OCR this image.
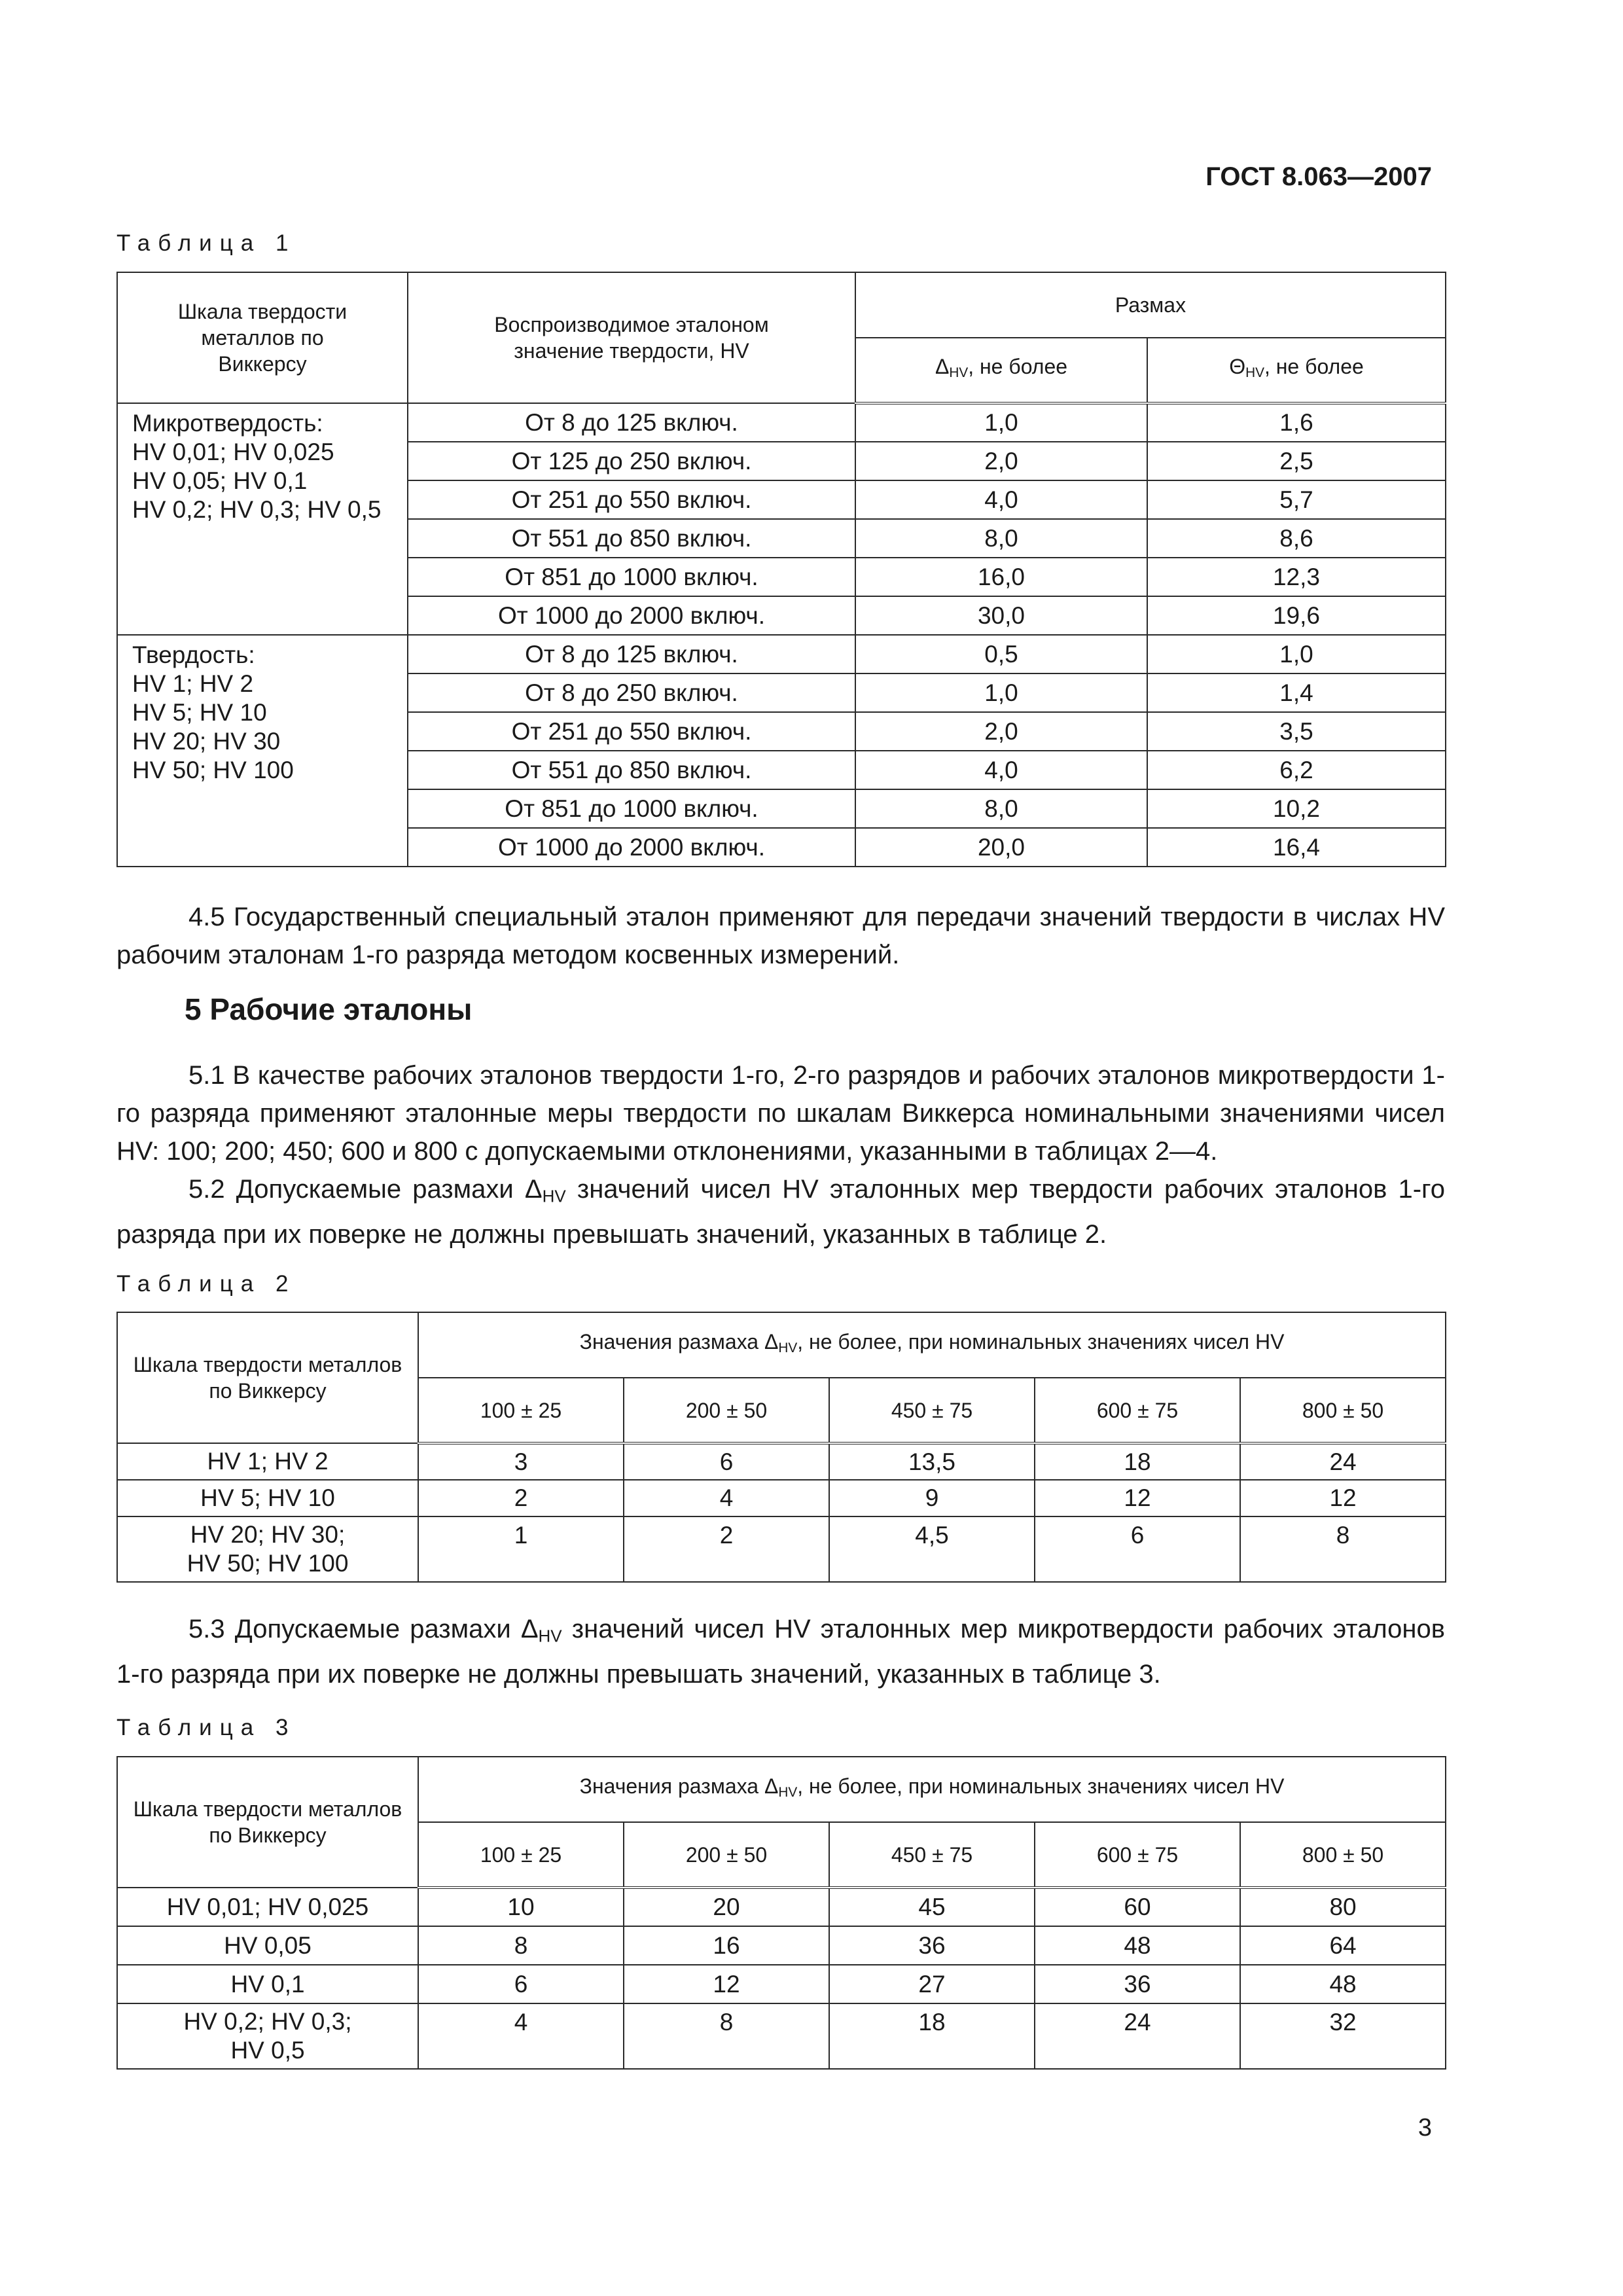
ГОСТ 8.063—2007
Таблица 1
Шкала твердости металлов по Виккерсу	Воспроизводимое эталоном значение твердости, HV	Размах	
		$\Delta_{HV}$, не более	$\Theta_{HV}$, не более
Микротвердость:
HV 0,01; HV 0,025
HV 0,05; HV 0,1
HV 0,2; HV 0,3; HV 0,5	От 8 до 125 включ.	1,0	1,6
	От 125 до 250 включ.	2,0	2,5
	От 251 до 550 включ.	4,0	5,7
	От 551 до 850 включ.	8,0	8,6
	От 851 до 1000 включ.	16,0	12,3
	От 1000 до 2000 включ.	30,0	19,6
Твердость:
HV 1; HV 2
HV 5; HV 10
HV 20; HV 30
HV 50; HV 100	От 8 до 125 включ.	0,5	1,0
	От 8 до 250 включ.	1,0	1,4
	От 251 до 550 включ.	2,0	3,5
	От 551 до 850 включ.	4,0	6,2
	От 851 до 1000 включ.	8,0	10,2
	От 1000 до 2000 включ.	20,0	16,4

4.5 Государственный специальный эталон применяют для передачи значений твердости в числах HV рабочим эталонам 1-го разряда методом косвенных измерений.

5 Рабочие эталоны

5.1 В качестве рабочих эталонов твердости 1-го, 2-го разрядов и рабочих эталонов микротвердости 1-го разряда применяют эталонные меры твердости по шкалам Виккерса номинальными значениями чисел HV: 100; 200; 450; 600 и 800 с допускаемыми отклонениями, указанными в таблицах 2—4.

5.2 Допускаемые размахи $\Delta_{HV}$ значений чисел HV эталонных мер твердости рабочих эталонов 1-го разряда при их поверке не должны превышать значений, указанных в таблице 2.

Таблица 2
Шкала твердости металлов по Виккерсу	Значения размаха $\Delta_{HV}$, не более, при номинальных значениях чисел HV				
	100 ± 25	200 ± 50	450 ± 75	600 ± 75	800 ± 50
HV 1; HV 2	3	6	13,5	18	24
HV 5; HV 10	2	4	9	12	12
HV 20; HV 30;
HV 50; HV 100	1	2	4,5	6	8

5.3 Допускаемые размахи $\Delta_{HV}$ значений чисел HV эталонных мер микротвердости рабочих эталонов 1-го разряда при их поверке не должны превышать значений, указанных в таблице 3.

Таблица 3
Шкала твердости металлов по Виккерсу	Значения размаха $\Delta_{HV}$, не более, при номинальных значениях чисел HV				
	100 ± 25	200 ± 50	450 ± 75	600 ± 75	800 ± 50
HV 0,01; HV 0,025	10	20	45	60	80
HV 0,05	8	16	36	48	64
HV 0,1	6	12	27	36	48
HV 0,2; HV 0,3;
HV 0,5	4	8	18	24	32
3
